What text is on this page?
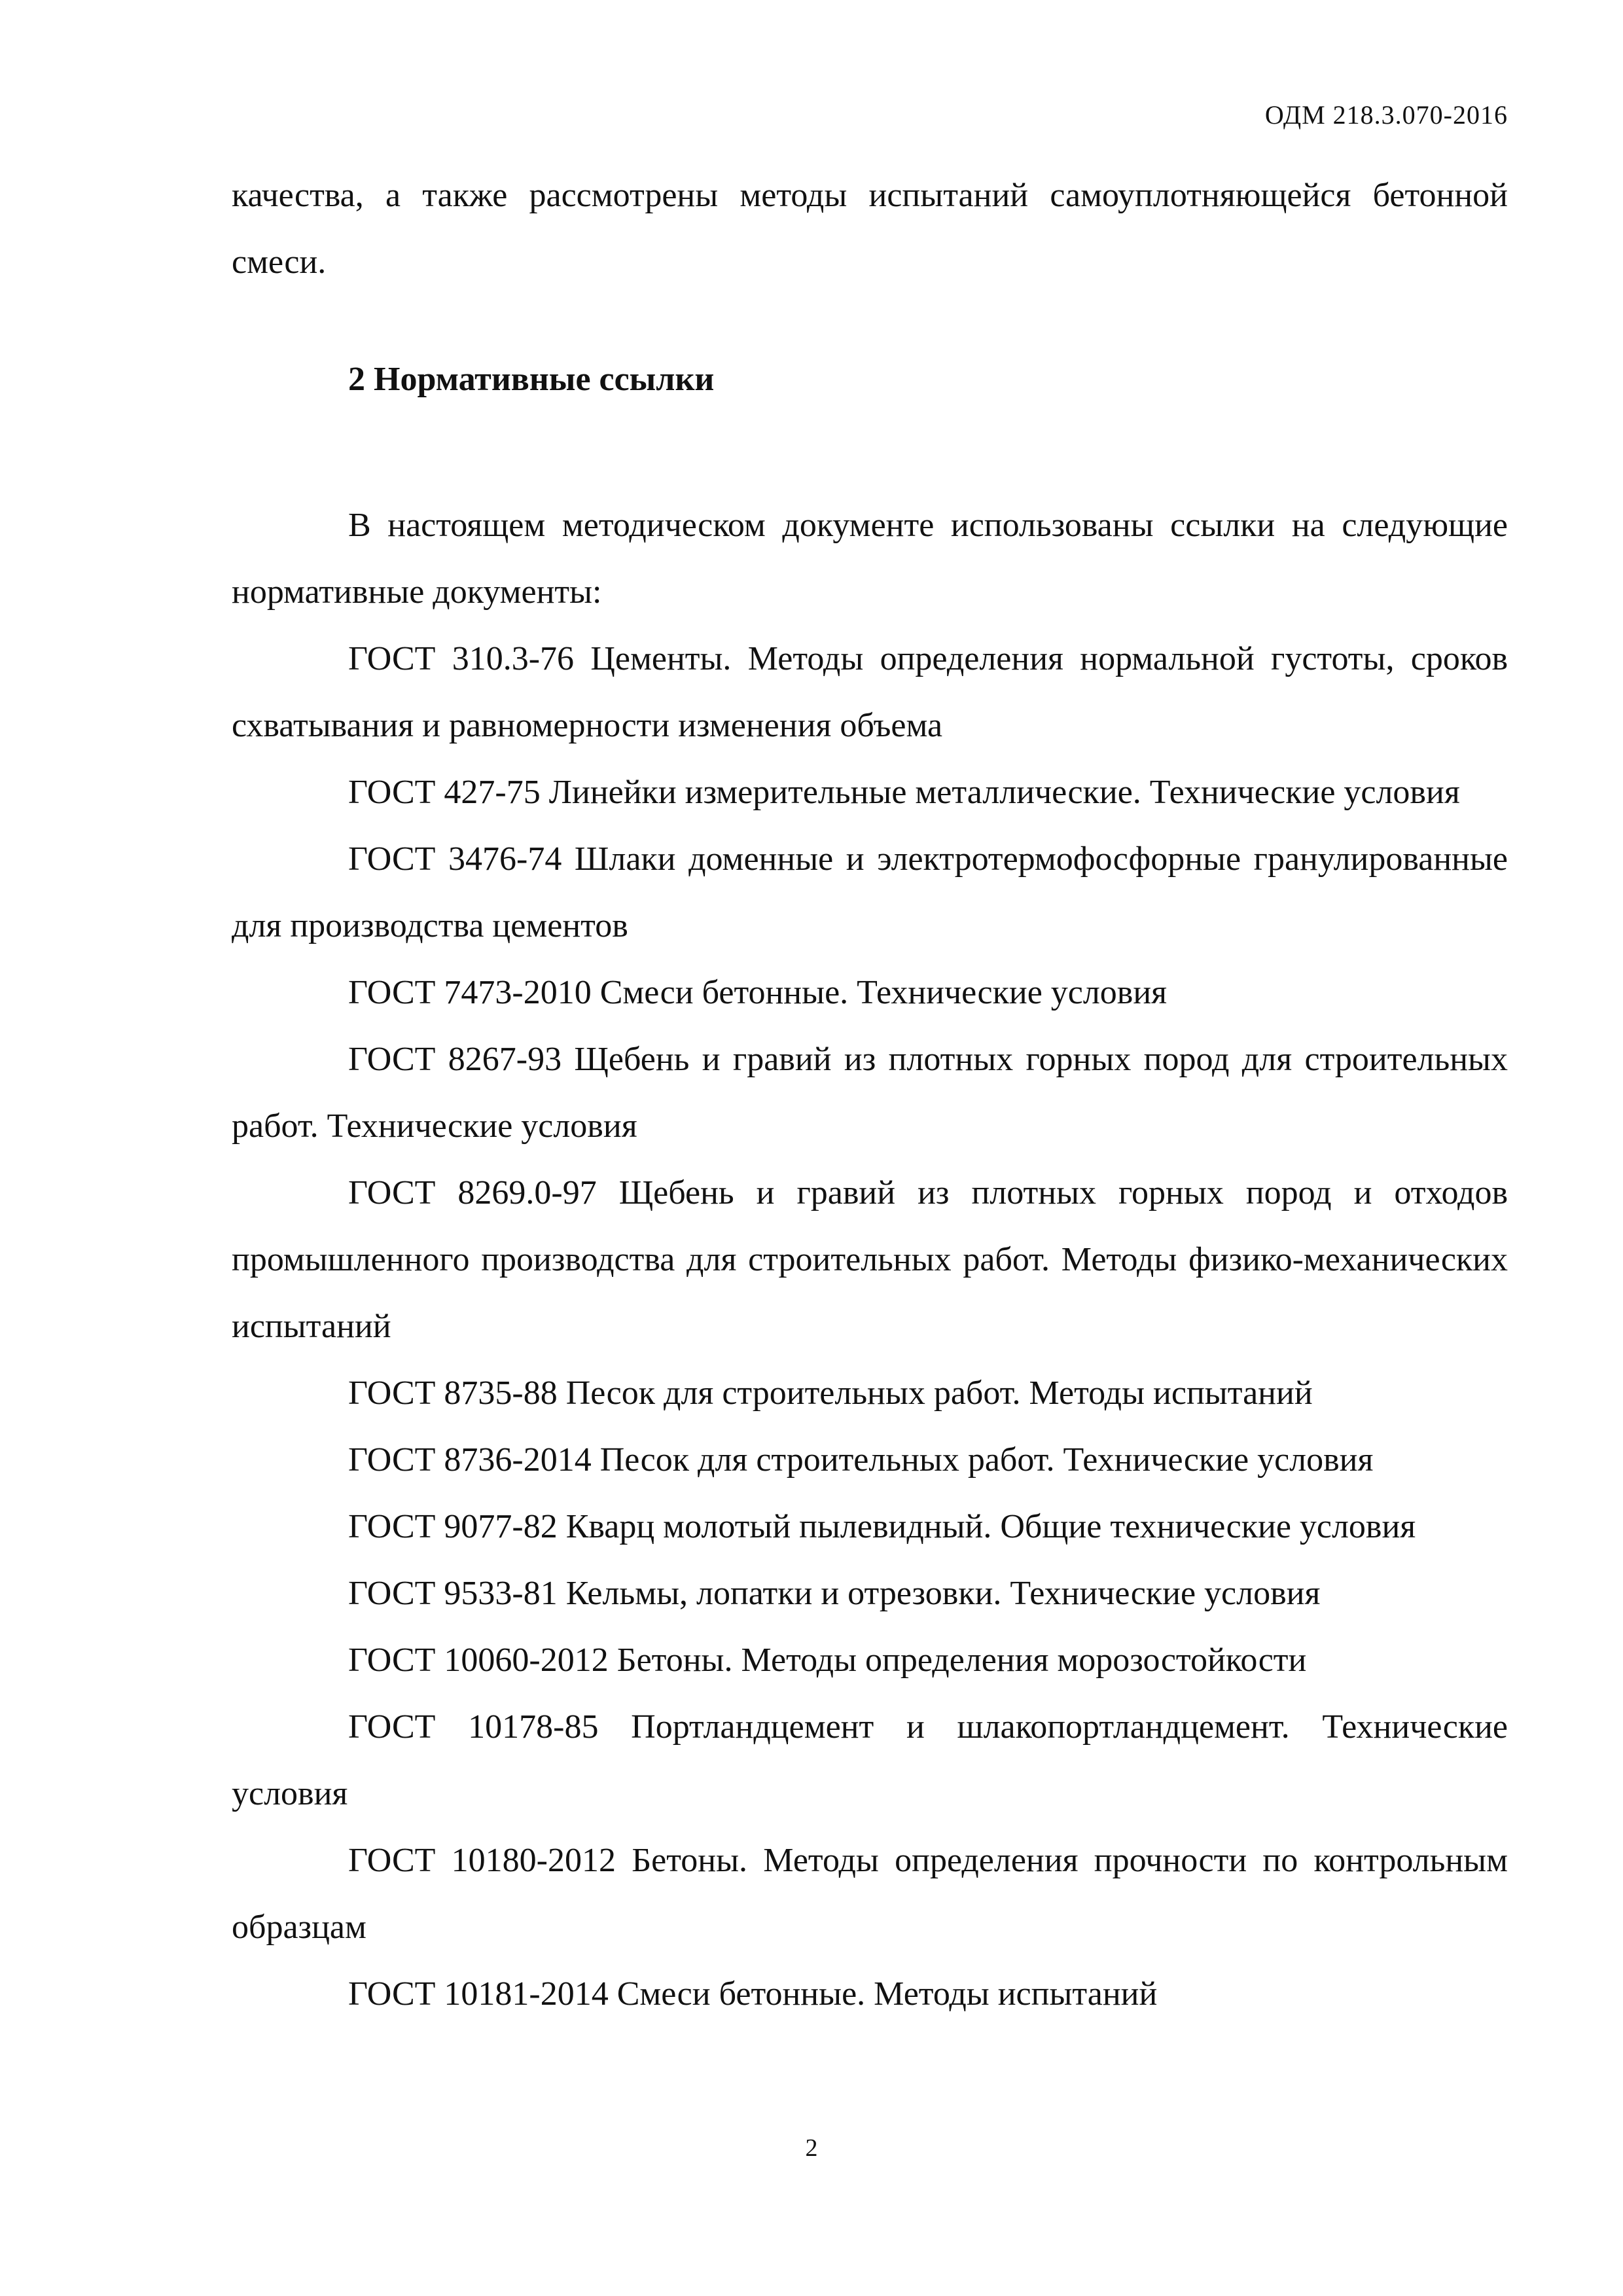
ОДМ 218.3.070-2016

качества, а также рассмотрены методы испытаний самоуплотняющейся бетонной смеси.

2 Нормативные ссылки

В настоящем методическом документе использованы ссылки на следующие нормативные документы:

ГОСТ 310.3-76 Цементы. Методы определения нормальной густоты, сроков схватывания и равномерности изменения объема

ГОСТ 427-75 Линейки измерительные металлические. Технические условия

ГОСТ 3476-74 Шлаки доменные и электротермофосфорные гранулированные для производства цементов

ГОСТ 7473-2010 Смеси бетонные. Технические условия

ГОСТ 8267-93 Щебень и гравий из плотных горных пород для строительных работ. Технические условия

ГОСТ 8269.0-97 Щебень и гравий из плотных горных пород и отходов промышленного производства для строительных работ. Методы физико-механических испытаний

ГОСТ 8735-88 Песок для строительных работ. Методы испытаний

ГОСТ 8736-2014 Песок для строительных работ. Технические условия

ГОСТ 9077-82 Кварц молотый пылевидный. Общие технические условия

ГОСТ 9533-81 Кельмы, лопатки и отрезовки. Технические условия

ГОСТ 10060-2012 Бетоны. Методы определения морозостойкости

ГОСТ 10178-85 Портландцемент и шлакопортландцемент. Технические условия

ГОСТ 10180-2012 Бетоны. Методы определения прочности по контрольным образцам

ГОСТ 10181-2014 Смеси бетонные. Методы испытаний

2
